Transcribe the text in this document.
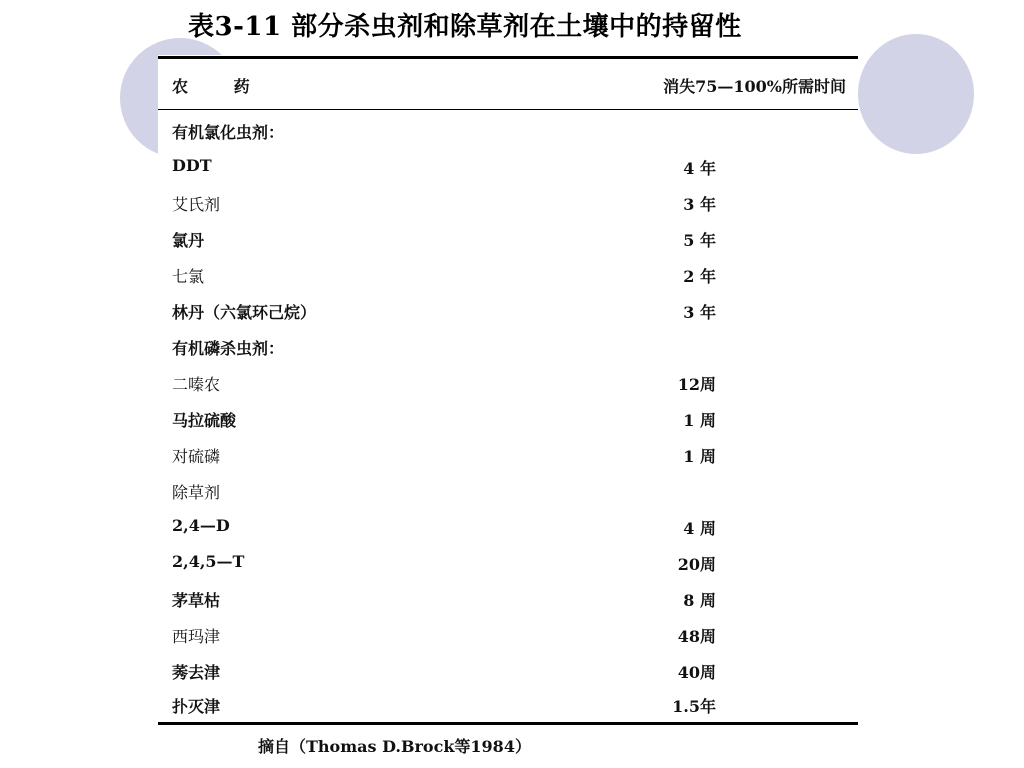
表3-11 部分杀虫剂和除草剂在土壤中的持留性
农 药	消失75—100%所需时间
有机氯化虫剂：
DDT	4 年
艾氏剂	3 年
氯丹	5 年
七氯	2 年
林丹（六氯环己烷）	3 年
有机磷杀虫剂：
二嗪农	12周
马拉硫酸	1 周
对硫磷	1 周
除草剂
2,4—D	4 周
2,4,5—T	20周
茅草枯	8 周
西玛津	48周
莠去津	40周
扑灭津	1.5年
摘自（Thomas D.Brock等1984）
